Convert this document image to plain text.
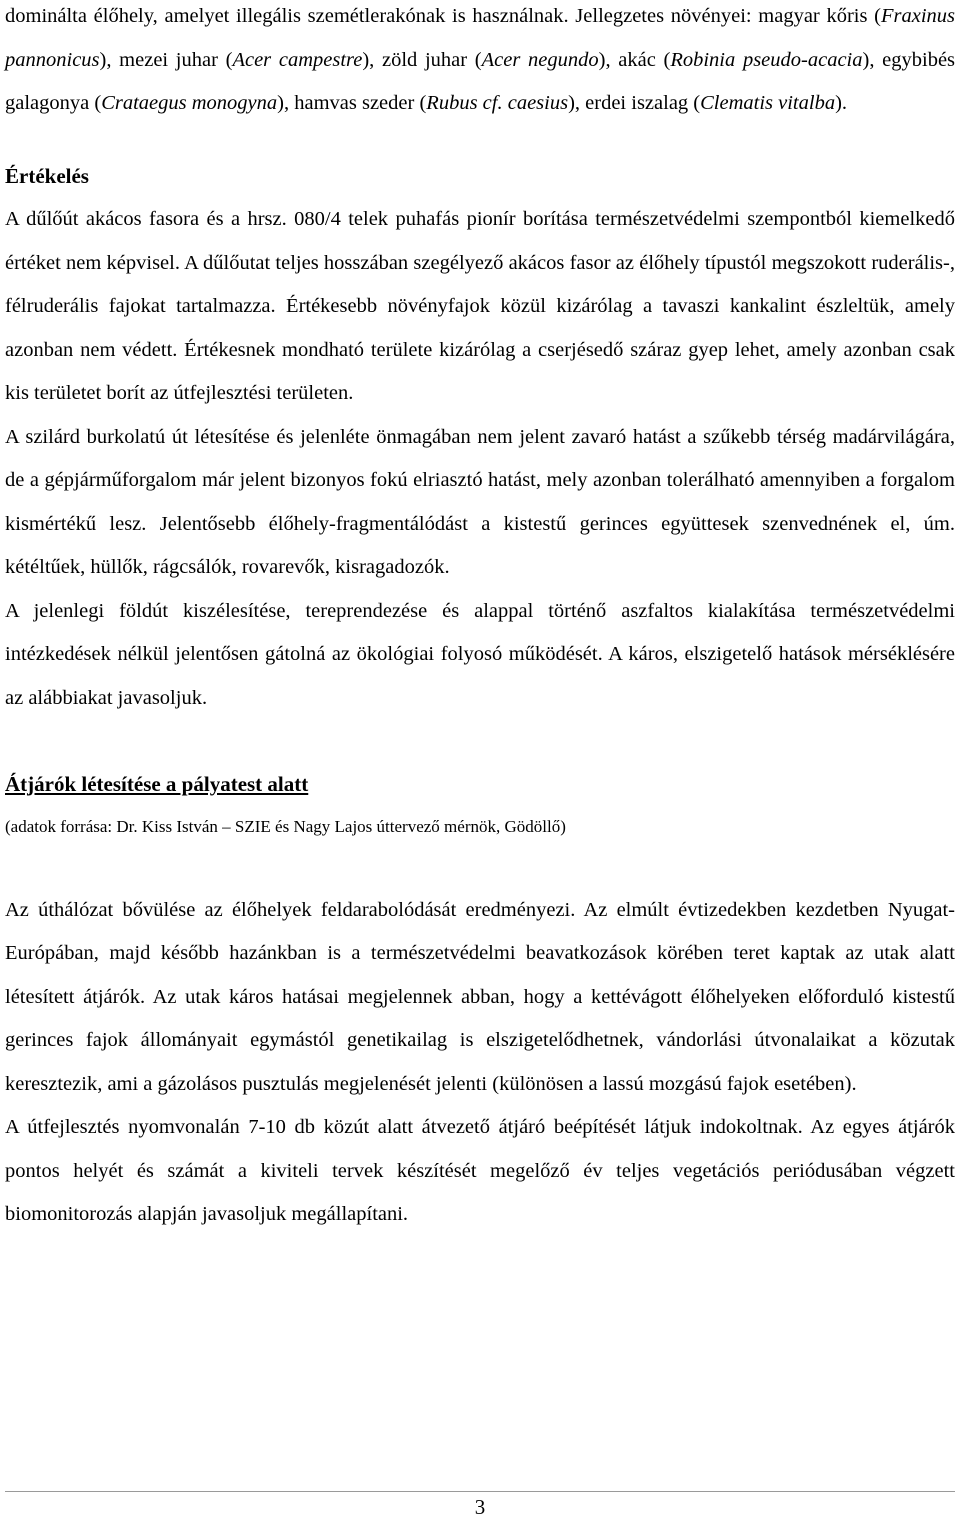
dominálta élőhely, amelyet illegális szemétlerakónak is használnak. Jellegzetes növényei: magyar kőris (Fraxinus pannonicus), mezei juhar (Acer campestre), zöld juhar (Acer negundo), akác (Robinia pseudo-acacia), egybibés galagonya (Crataegus monogyna), hamvas szeder (Rubus cf. caesius), erdei iszalag (Clematis vitalba).

Értékelés

A dűlőút akácos fasora és a hrsz. 080/4 telek puhafás pionír borítása természetvédelmi szempontból kiemelkedő értéket nem képvisel. A dűlőutat teljes hosszában szegélyező akácos fasor az élőhely típustól megszokott ruderális-, félruderális fajokat tartalmazza. Értékesebb növényfajok közül kizárólag a tavaszi kankalint észleltük, amely azonban nem védett. Értékesnek mondható területe kizárólag a cserjésedő száraz gyep lehet, amely azonban csak kis területet borít az útfejlesztési területen.

A szilárd burkolatú út létesítése és jelenléte önmagában nem jelent zavaró hatást a szűkebb térség madárvilágára, de a gépjárműforgalom már jelent bizonyos fokú elriasztó hatást, mely azonban tolerálható amennyiben a forgalom kismértékű lesz. Jelentősebb élőhely-fragmentálódást a kistestű gerinces együttesek szenvednének el, úm. kétéltűek, hüllők, rágcsálók, rovarevők, kisragadozók.

A jelenlegi földút kiszélesítése, tereprendezése és alappal történő aszfaltos kialakítása természetvédelmi intézkedések nélkül jelentősen gátolná az ökológiai folyosó működését. A káros, elszigetelő hatások mérséklésére az alábbiakat javasoljuk.

Átjárók létesítése a pályatest alatt

(adatok forrása: Dr. Kiss István – SZIE és Nagy Lajos úttervező mérnök, Gödöllő)

Az úthálózat bővülése az élőhelyek feldarabolódását eredményezi. Az elmúlt évtizedekben kezdetben Nyugat-Európában, majd később hazánkban is a természetvédelmi beavatkozások körében teret kaptak az utak alatt létesített átjárók. Az utak káros hatásai megjelennek abban, hogy a kettévágott élőhelyeken előforduló kistestű gerinces fajok állományait egymástól genetikailag is elszigetelődhetnek, vándorlási útvonalaikat a közutak keresztezik, ami a gázolásos pusztulás megjelenését jelenti (különösen a lassú mozgású fajok esetében).

A útfejlesztés nyomvonalán 7-10 db közút alatt átvezető átjáró beépítését látjuk indokoltnak. Az egyes átjárók pontos helyét és számát a kiviteli tervek készítését megelőző év teljes vegetációs periódusában végzett biomonitorozás alapján javasoljuk megállapítani.

3
